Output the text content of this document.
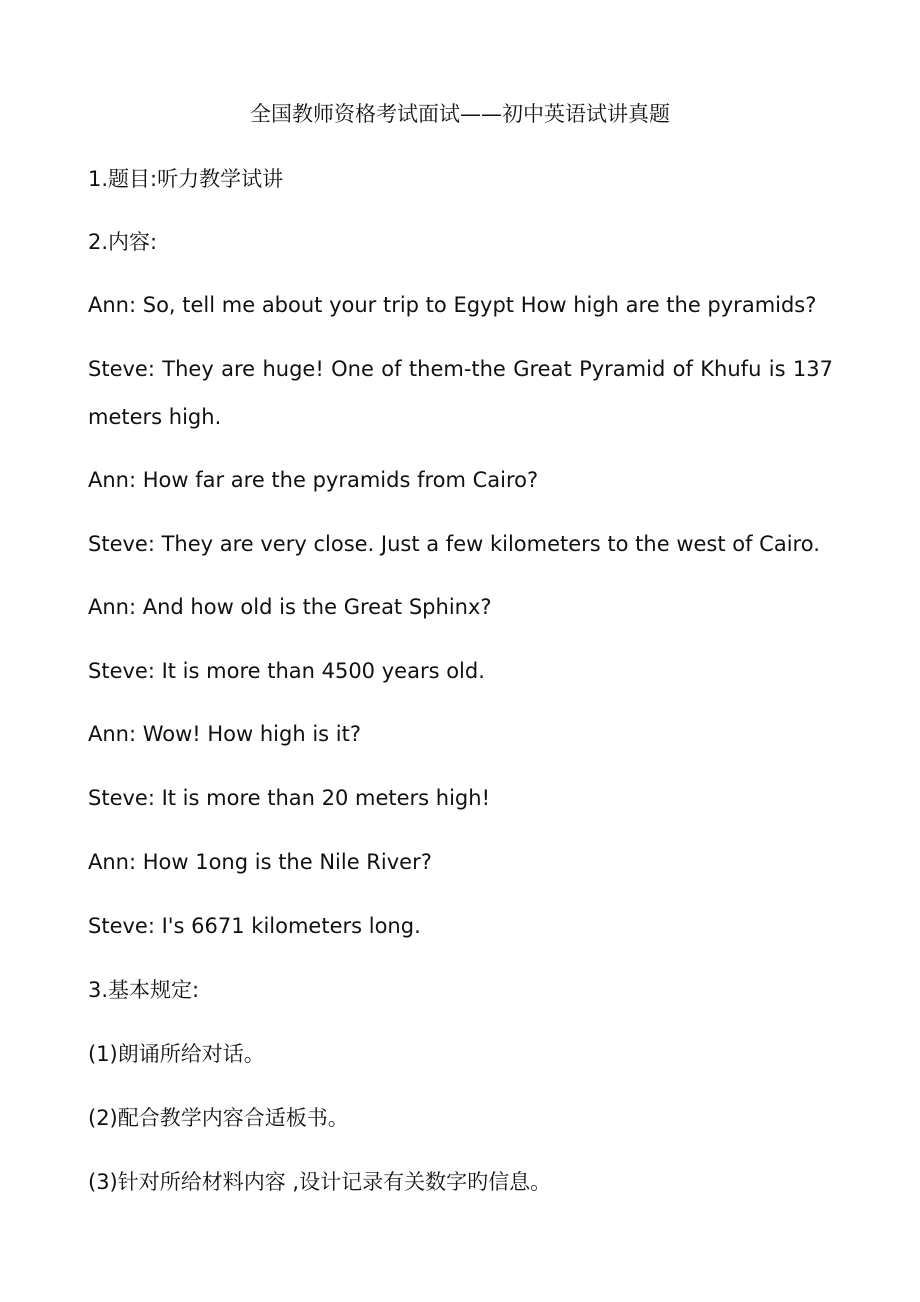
全国教师资格考试面试——初中英语试讲真题
1.题目:听力教学试讲
2.内容:
Ann: So, tell me about your trip to Egypt How high are the pyramids?
Steve: They are huge! One of them-the Great Pyramid of Khufu is 137 meters high.
Ann: How far are the pyramids from Cairo?
Steve: They are very close. Just a few kilometers to the west of Cairo.
Ann: And how old is the Great Sphinx?
Steve: It is more than 4500 years old.
Ann: Wow! How high is it?
Steve: It is more than 20 meters high!
Ann: How 1ong is the Nile River?
Steve: I's 6671 kilometers long.
3.基本规定:
(1)朗诵所给对话。
(2)配合教学内容合适板书。
(3)针对所给材料内容 ,设计记录有关数字旳信息。
